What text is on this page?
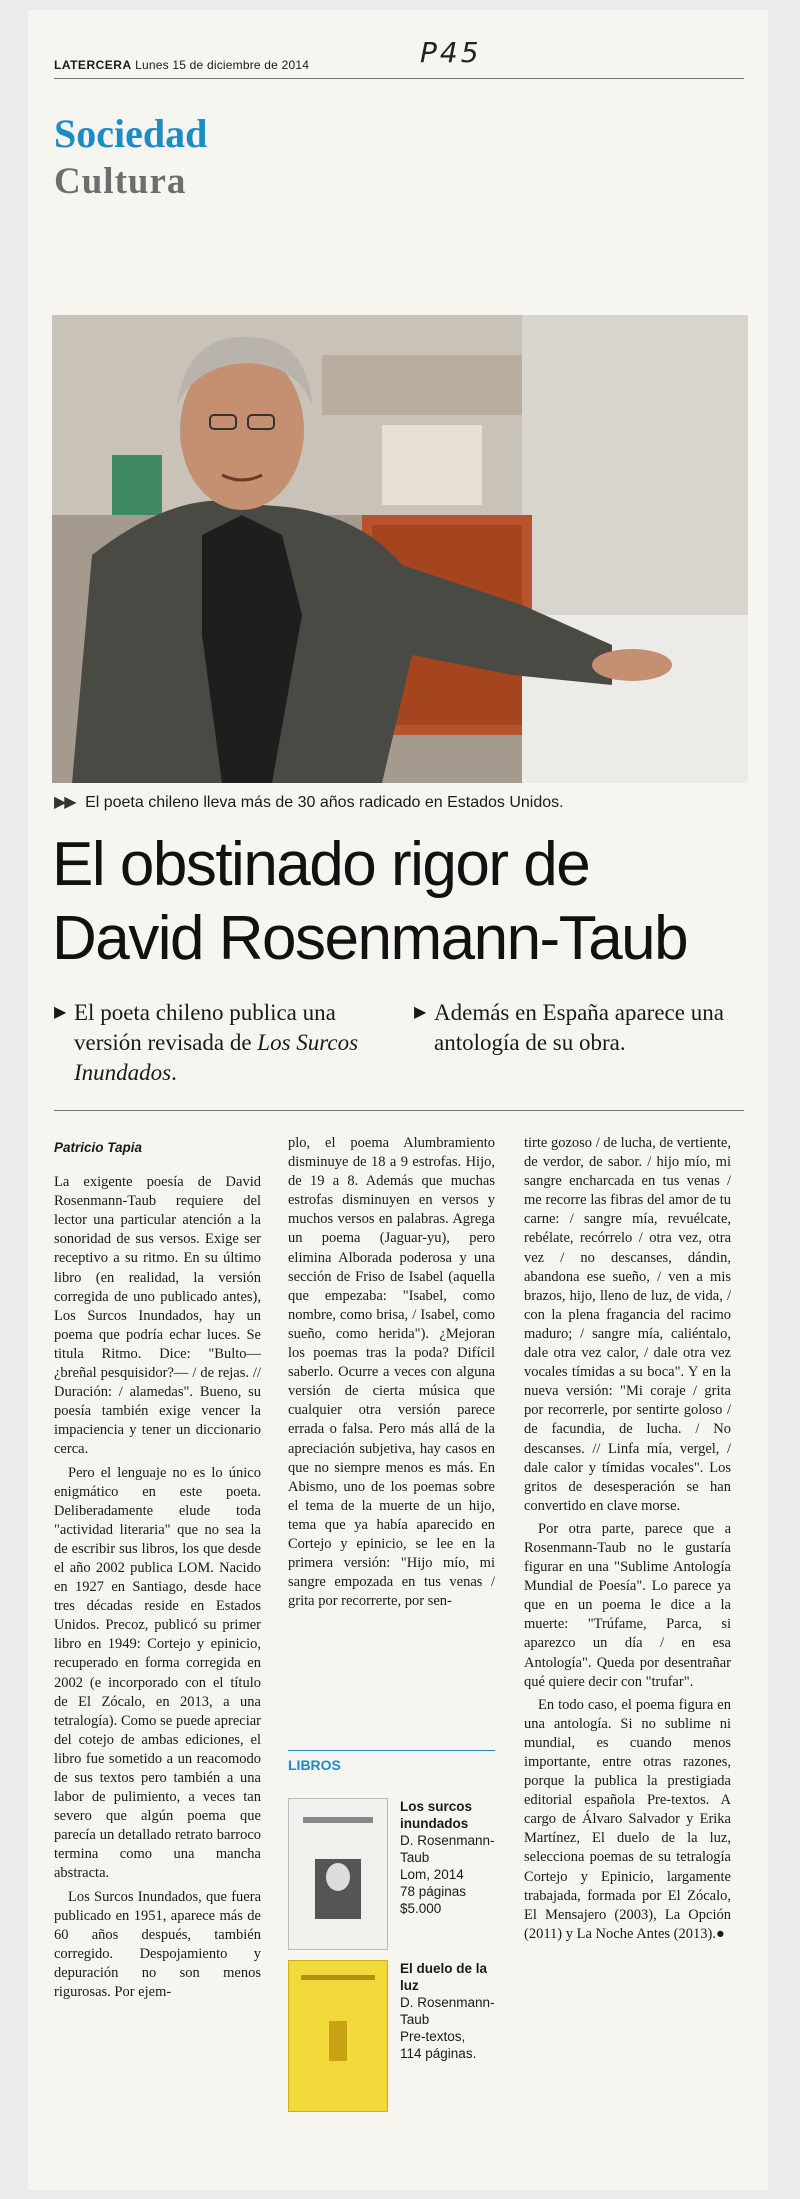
LATERCERA Lunes 15 de diciembre de 2014	P45
Sociedad
Cultura
▶▶ El poeta chileno lleva más de 30 años radicado en Estados Unidos.
El obstinado rigor de
David Rosenmann-Taub
▶ El poeta chileno publica una versión revisada de Los Surcos Inundados.
▶ Además en España aparece una antología de su obra.
Patricio Tapia

La exigente poesía de David Rosenmann-Taub requiere del lector una particular atención a la sonoridad de sus versos. Exige ser receptivo a su ritmo. En su último libro (en realidad, la versión corregida de uno publicado antes), Los Surcos Inundados, hay un poema que podría echar luces. Se titula Ritmo. Dice: "Bulto—¿breñal pesquisidor?— / de rejas. // Duración: / alamedas". Bueno, su poesía también exige vencer la impaciencia y tener un diccionario cerca.

Pero el lenguaje no es lo único enigmático en este poeta. Deliberadamente elude toda "actividad literaria" que no sea la de escribir sus libros, los que desde el año 2002 publica LOM. Nacido en 1927 en Santiago, desde hace tres décadas reside en Estados Unidos. Precoz, publicó su primer libro en 1949: Cortejo y epinicio, recuperado en forma corregida en 2002 (e incorporado con el título de El Zócalo, en 2013, a una tetralogía). Como se puede apreciar del cotejo de ambas ediciones, el libro fue sometido a un reacomodo de sus textos pero también a una labor de pulimiento, a veces tan severo que algún poema que parecía un detallado retrato barroco termina como una mancha abstracta.

Los Surcos Inundados, que fuera publicado en 1951, aparece más de 60 años después, también corregido. Despojamiento y depuración no son menos rigurosas. Por ejem-

plo, el poema Alumbramiento disminuye de 18 a 9 estrofas. Hijo, de 19 a 8. Además que muchas estrofas disminuyen en versos y muchos versos en palabras. Agrega un poema (Jaguar-yu), pero elimina Alborada poderosa y una sección de Friso de Isabel (aquella que empezaba: "Isabel, como nombre, como brisa, / Isabel, como sueño, como herida"). ¿Mejoran los poemas tras la poda? Difícil saberlo. Ocurre a veces con alguna versión de cierta música que cualquier otra versión parece errada o falsa. Pero más allá de la apreciación subjetiva, hay casos en que no siempre menos es más. En Abismo, uno de los poemas sobre el tema de la muerte de un hijo, tema que ya había aparecido en Cortejo y epinicio, se lee en la primera versión: "Hijo mío, mi sangre empozada en tus venas / grita por recorrerte, por sen-

LIBROS
Los surcos inundados
D. Rosenmann-Taub
Lom, 2014
78 páginas
$5.000
El duelo de la luz
D. Rosenmann-Taub
Pre-textos,
114 páginas.

tirte gozoso / de lucha, de vertiente, de verdor, de sabor. / hijo mío, mi sangre encharcada en tus venas / me recorre las fibras del amor de tu carne: / sangre mía, revuélcate, rebélate, recórrelo / otra vez, otra vez / no descanses, dándin, abandona ese sueño, / ven a mis brazos, hijo, lleno de luz, de vida, / con la plena fragancia del racimo maduro; / sangre mía, caliéntalo, dale otra vez calor, / dale otra vez vocales tímidas a su boca". Y en la nueva versión: "Mi coraje / grita por recorrerle, por sentirte goloso / de facundia, de lucha. / No descanses. // Linfa mía, vergel, / dale calor y tímidas vocales". Los gritos de desesperación se han convertido en clave morse.

Por otra parte, parece que a Rosenmann-Taub no le gustaría figurar en una "Sublime Antología Mundial de Poesía". Lo parece ya que en un poema le dice a la muerte: "Trúfame, Parca, si aparezco un día / en esa Antología". Queda por desentrañar qué quiere decir con "trufar".

En todo caso, el poema figura en una antología. Si no sublime ni mundial, es cuando menos importante, entre otras razones, porque la publica la prestigiada editorial española Pre-textos. A cargo de Álvaro Salvador y Erika Martínez, El duelo de la luz, selecciona poemas de su tetralogía Cortejo y Epinicio, largamente trabajada, formada por El Zócalo, El Mensajero (2003), La Opción (2011) y La Noche Antes (2013).●
